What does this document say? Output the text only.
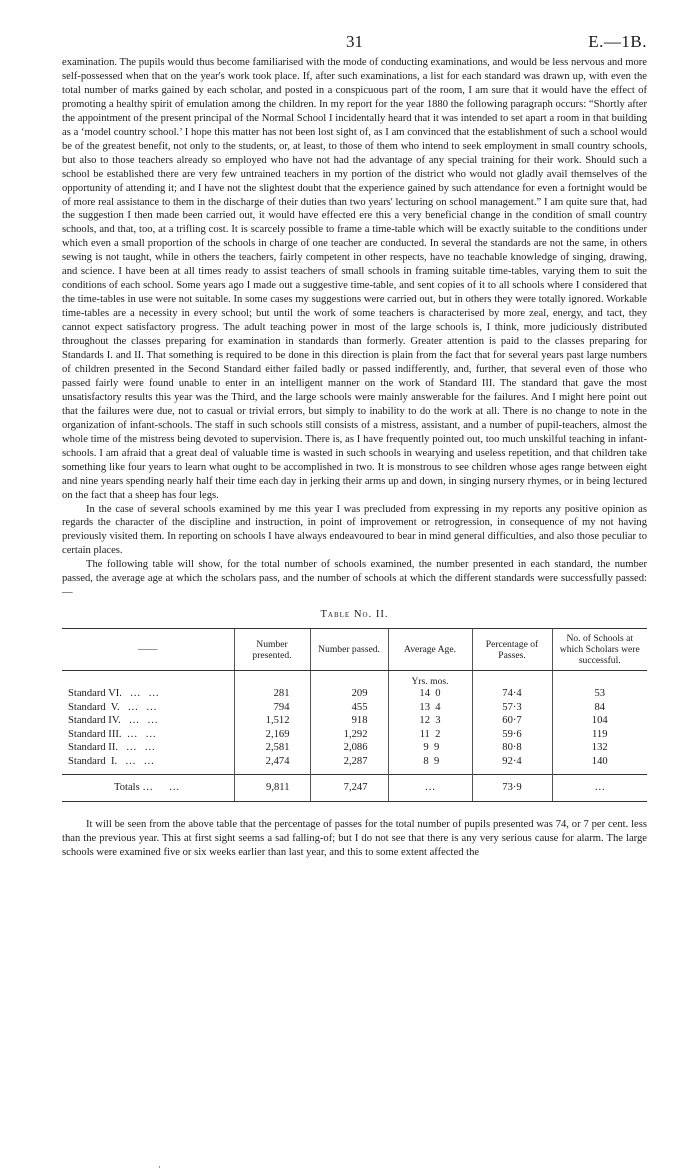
31	E.—1B.

examination. The pupils would thus become familiarised with the mode of conducting examinations, and would be less nervous and more self-possessed when that on the year's work took place. If, after such examinations, a list for each standard was drawn up, with even the total number of marks gained by each scholar, and posted in a conspicuous part of the room, I am sure that it would have the effect of promoting a healthy spirit of emulation among the children. In my report for the year 1880 the following paragraph occurs: “Shortly after the appointment of the present principal of the Normal School I incidentally heard that it was intended to set apart a room in that building as a ‘model country school.’ I hope this matter has not been lost sight of, as I am convinced that the establishment of such a school would be of the greatest benefit, not only to the students, or, at least, to those of them who intend to seek employment in small country schools, but also to those teachers already so employed who have not had the advantage of any special training for their work. Should such a school be established there are very few untrained teachers in my portion of the district who would not gladly avail themselves of the opportunity of attending it; and I have not the slightest doubt that the experience gained by such attendance for even a fortnight would be of more real assistance to them in the discharge of their duties than two years' lecturing on school management.” I am quite sure that, had the suggestion I then made been carried out, it would have effected ere this a very beneficial change in the condition of small country schools, and that, too, at a trifling cost. It is scarcely possible to frame a time-table which will be exactly suitable to the conditions under which even a small proportion of the schools in charge of one teacher are conducted. In several the standards are not the same, in others sewing is not taught, while in others the teachers, fairly competent in other respects, have no teachable knowledge of singing, drawing, and science. I have been at all times ready to assist teachers of small schools in framing suitable time-tables, varying them to suit the conditions of each school. Some years ago I made out a suggestive time-table, and sent copies of it to all schools where I considered that the time-tables in use were not suitable. In some cases my suggestions were carried out, but in others they were totally ignored. Workable time-tables are a necessity in every school; but until the work of some teachers is characterised by more zeal, energy, and tact, they cannot expect satisfactory progress. The adult teaching power in most of the large schools is, I think, more judiciously distributed throughout the classes preparing for examination in standards than formerly. Greater attention is paid to the classes preparing for Standards I. and II. That something is required to be done in this direction is plain from the fact that for several years past large numbers of children presented in the Second Standard either failed badly or passed indifferently, and, further, that several even of those who passed fairly were found unable to enter in an intelligent manner on the work of Standard III. The standard that gave the most unsatisfactory results this year was the Third, and the large schools were mainly answerable for the failures. And I might here point out that the failures were due, not to casual or trivial errors, but simply to inability to do the work at all. There is no change to note in the organization of infant-schools. The staff in such schools still consists of a mistress, assistant, and a number of pupil-teachers, almost the whole time of the mistress being devoted to supervision. There is, as I have frequently pointed out, too much unskilful teaching in infant-schools. I am afraid that a great deal of valuable time is wasted in such schools in wearying and useless repetition, and that children take something like four years to learn what ought to be accomplished in two. It is monstrous to see children whose ages range between eight and nine years spending nearly half their time each day in jerking their arms up and down, in singing nursery rhymes, or in being lectured on the fact that a sheep has four legs.

In the case of several schools examined by me this year I was precluded from expressing in my reports any positive opinion as regards the character of the discipline and instruction, in point of improvement or retrogression, in consequence of my not having previously visited them. In reporting on schools I have always endeavoured to bear in mind general difficulties, and also those peculiar to certain places.

The following table will show, for the total number of schools examined, the number presented in each standard, the number passed, the average age at which the scholars pass, and the number of schools at which the different standards were successfully passed:—

Table No. II.
——	Number presented.	Number passed.	Average Age.	Percentage of Passes.	No. of Schools at which Scholars were successful.
			Yrs. mos.		
Standard VI.   …   …	281	209	14  0	74·4	53
Standard  V.   …   …	794	455	13  4	57·3	84
Standard IV.   …   …	1,512	918	12  3	60·7	104
Standard III.  …   …	2,169	1,292	11  2	59·6	119
Standard II.   …   …	2,581	2,086	9  9	80·8	132
Standard  I.   …   …	2,474	2,287	8  9	92·4	140
Totals …      …	9,811	7,247	…	73·9	…

It will be seen from the above table that the percentage of passes for the total number of pupils presented was 74, or 7 per cent. less than the previous year. This at first sight seems a sad falling-of; but I do not see that there is any very serious cause for alarm. The large schools were examined five or six weeks earlier than last year, and this to some extent affected the

·
